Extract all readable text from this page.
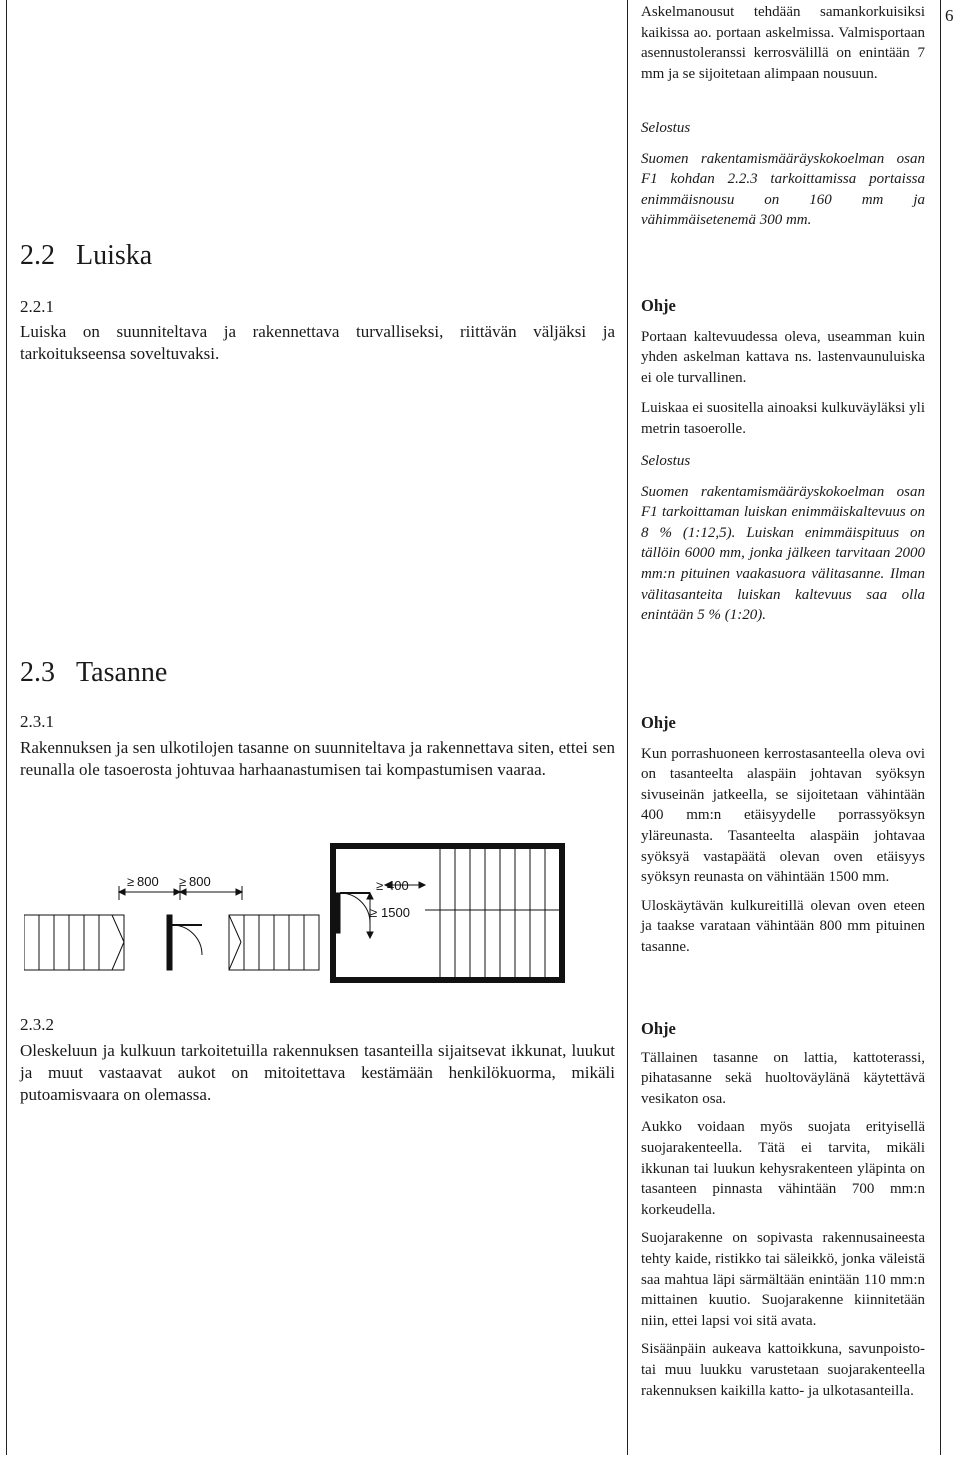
6
2.2 Luiska

2.2.1

Luiska on suunniteltava ja rakennettava turvalliseksi, riittävän väljäksi ja tarkoitukseensa soveltuvaksi.

2.3 Tasanne

2.3.1

Rakennuksen ja sen ulkotilojen tasanne on suunniteltava ja rakennettava siten, ettei sen reunalla ole tasoerosta johtuvaa harhaanastumisen tai kompastumisen vaaraa.

≥	≥
800 800	≥ 400
≥ 1500

2.3.2

Oleskeluun ja kulkuun tarkoitetuilla rakennuksen tasanteilla sijaitsevat ikkunat, luukut ja muut vastaavat aukot on mitoitettava kestämään henkilökuorma, mikäli putoamisvaara on olemassa.

Askelmanousut tehdään samankorkuisiksi kaikissa ao. portaan askelmissa. Valmisportaan asennustoleranssi kerrosvälillä on enintään 7 mm ja se sijoitetaan alimpaan nousuun.

Selostus

Suomen rakentamismääräyskokoelman osan F1 kohdan 2.2.3 tarkoittamissa portaissa enimmäisnousu on 160 mm ja vähimmäisetenemä 300 mm.

Ohje

Portaan kaltevuudessa oleva, useamman kuin yhden askelman kattava ns. lastenvaunuluiska ei ole turvallinen.

Luiskaa ei suositella ainoaksi kulkuväyläksi yli metrin tasoerolle.

Selostus

Suomen rakentamismääräyskokoelman osan F1 tarkoittaman luiskan enimmäiskaltevuus on 8 % (1:12,5). Luiskan enimmäispituus on tällöin 6000 mm, jonka jälkeen tarvitaan 2000 mm:n pituinen vaakasuora välitasanne. Ilman välitasanteita luiskan kaltevuus saa olla enintään 5 % (1:20).

Ohje

Kun porrashuoneen kerrostasanteella oleva ovi on tasanteelta alaspäin johtavan syöksyn sivuseinän jatkeella, se sijoitetaan vähintään 400 mm:n etäisyydelle porrassyöksyn yläreunasta. Tasanteelta alaspäin johtavaa syöksyä vastapäätä olevan oven etäisyys syöksyn reunasta on vähintään 1500 mm.

Uloskäytävän kulkureitillä olevan oven eteen ja taakse varataan vähintään 800 mm pituinen tasanne.

Ohje

Tällainen tasanne on lattia, kattoterassi, pihatasanne sekä huoltoväylänä käytettävä vesikaton osa.

Aukko voidaan myös suojata erityisellä suojarakenteella. Tätä ei tarvita, mikäli ikkunan tai luukun kehysrakenteen yläpinta on tasanteen pinnasta vähintään 700 mm:n korkeudella.

Suojarakenne on sopivasta rakennusaineesta tehty kaide, ristikko tai säleikkö, jonka väleistä saa mahtua läpi särmältään enintään 110 mm:n mittainen kuutio. Suojarakenne kiinnitetään niin, ettei lapsi voi sitä avata.

Sisäänpäin aukeava kattoikkuna, savunpoisto- tai muu luukku varustetaan suojarakenteella rakennuksen kaikilla katto- ja ulkotasanteilla.
